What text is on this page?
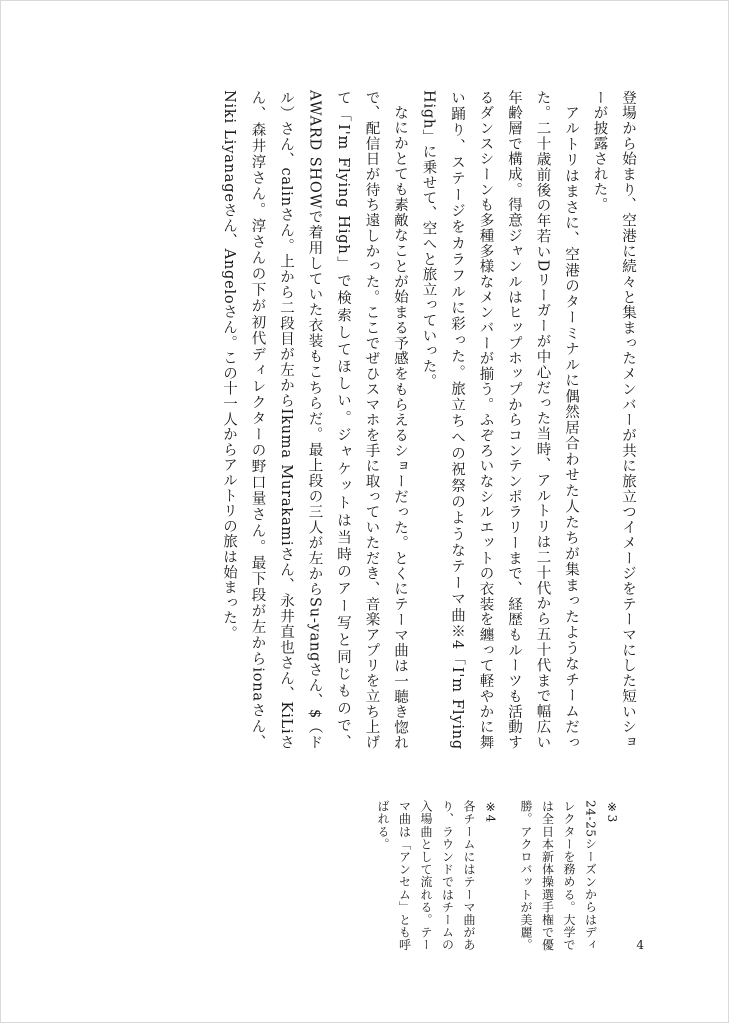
登場から始まり、空港に続々と集まったメンバーが共に旅立つイメージをテーマにした短いショーが披露された。

アルトリはまさに、空港のターミナルに偶然居合わせた人たちが集まったようなチームだった。二十歳前後の年若いDリーガーが中心だった当時、アルトリは二十代から五十代まで幅広い年齢層で構成。得意ジャンルはヒップホップからコンテンポラリーまで、経歴もルーツも活動するダンスシーンも多種多様なメンバーが揃う。ふぞろいなシルエットの衣装を纏って軽やかに舞い踊り、ステージをカラフルに彩った。旅立ちへの祝祭のようなテーマ曲※4「I'm Flying High」に乗せて、空へと旅立っていった。

なにかとても素敵なことが始まる予感をもらえるショーだった。とくにテーマ曲は一聴き惚れで、配信日が待ち遠しかった。ここでぜひスマホを手に取っていただき、音楽アプリを立ち上げて「I'm Flying High」で検索してほしい。ジャケットは当時のアー写と同じもので、AWARD SHOWで着用していた衣装もこちらだ。最上段の三人が左からSu-yangさん、$（ドル）さん、calinさん。上から二段目が左からIkuma Murakamiさん、永井直也さん、KiLiさん、森井淳さん。淳さんの下が初代ディレクターの野口量さん。最下段が左からionaさん、Niki Liyanageさん、Angeloさん。この十一人からアルトリの旅は始まった。

※3
24-25シーズンからはディレクターを務める。大学では全日本新体操選手権で優勝。アクロバットが美麗。
※4
各チームにはテーマ曲があり、ラウンドではチームの入場曲として流れる。テーマ曲は「アンセム」とも呼ばれる。
4
